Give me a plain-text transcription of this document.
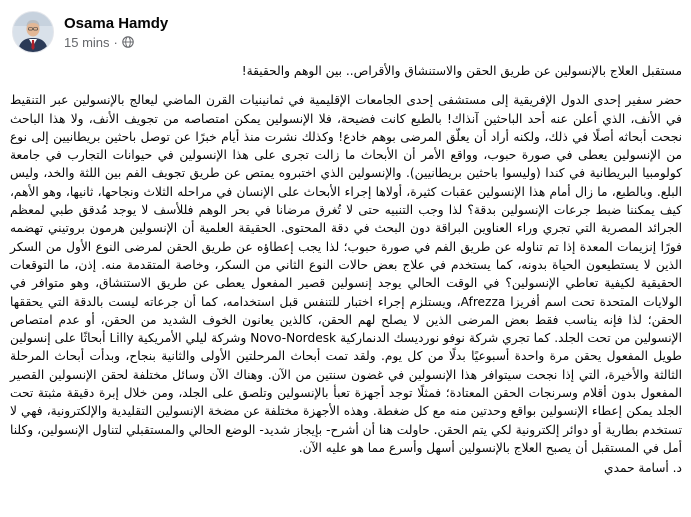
Osama Hamdy
15 mins ·

مستقبل العلاج بالإنسولين عن طريق الحقن والاستنشاق والأقراص.. بين الوهم والحقيقة!

حضر سفير إحدى الدول الإفريقية إلى مستشفى إحدى الجامعات الإقليمية في ثمانينيات القرن الماضي ليعالج بالإنسولين عبر التنقيط في الأنف، الذي أعلن عنه أحد الباحثين آنذاك! بالطبع كانت فضيحة، فلا الإنسولين يمكن امتصاصه من تجويف الأنف، ولا هذا الباحث نجحت أبحاثه أصلًا في ذلك، ولكنه أراد أن يعلّق المرضى بوهم خادع! وكذلك نشرت منذ أيام خبرًا عن توصل باحثين بريطانيين إلى نوع من الإنسولين يعطى في صورة حبوب، وواقع الأمر أن الأبحاث ما زالت تجرى على هذا الإنسولين في حيوانات التجارب في جامعة كولومبيا البريطانية في كندا (وليسوا باحثين بريطانيين). والإنسولين الذي اختبروه يمتص عن طريق تجويف الفم بين اللثة والخد، وليس البلع. وبالطبع، ما زال أمام هذا الإنسولين عقبات كثيرة، أولاها إجراء الأبحاث على الإنسان في مراحله الثلاث ونجاحها، ثانيها، وهو الأهم، كيف يمكننا ضبط جرعات الإنسولين بدقة؟ لذا وجب التنبيه حتى لا تُغرق مرضانا في بحر الوهم فللأسف لا يوجد مُدقق طبي لمعظم الجرائد المصرية التي تجري وراء العناوين البراقة دون البحث في دقة المحتوى. الحقيقة العلمية أن الإنسولين هرمون بروتيني تهضمه فورًا إنزيمات المعدة إذا تم تناوله عن طريق الفم في صورة حبوب؛ لذا يجب إعطاؤه عن طريق الحقن لمرضى النوع الأول من السكر الذين لا يستطيعون الحياة بدونه، كما يستخدم في علاج بعض حالات النوع الثاني من السكر، وخاصة المتقدمة منه. إذن، ما التوقعات الحقيقية لكيفية تعاطي الإنسولين؟ في الوقت الحالي يوجد إنسولين قصير المفعول يعطى عن طريق الاستنشاق، وهو متوافر في الولايات المتحدة تحت اسم أفريزا Afrezza، ويستلزم إجراء اختبار للتنفس قبل استخدامه، كما أن جرعاته ليست بالدقة التي يحققها الحقن؛ لذا فإنه يناسب فقط بعض المرضى الذين لا يصلح لهم الحقن، كالذين يعانون الخوف الشديد من الحقن، أو عدم امتصاص الإنسولين من تحت الجلد. كما تجري شركة نوفو نورديسك الدنماركية Novo-Nordesk وشركة ليلي الأمريكية Lilly أبحاثًا على إنسولين طويل المفعول يحقن مرة واحدة أسبوعيًا بدلًا من كل يوم. ولقد تمت أبحاث المرحلتين الأولى والثانية بنجاح، وبدأت أبحاث المرحلة الثالثة والأخيرة، التي إذا نجحت سيتوافر هذا الإنسولين في غضون سنتين من الآن. وهناك الآن وسائل مختلفة لحقن الإنسولين القصير المفعول بدون أقلام وسرنجات الحقن المعتادة؛ فمثلًا توجد أجهزة تعبأ بالإنسولين وتلصق على الجلد، ومن خلال إبرة دقيقة مثبتة تحت الجلد يمكن إعطاء الإنسولين بواقع وحدتين منه مع كل ضغطة. وهذه الأجهزة مختلفة عن مضخة الإنسولين التقليدية والإلكترونية، فهي لا تستخدم بطارية أو دوائر إلكترونية لكي يتم الحقن. حاولت هنا أن أشرح- بإيجاز شديد- الوضع الحالي والمستقبلي لتناول الإنسولين، وكلنا أمل في المستقبل أن يصبح العلاج بالإنسولين أسهل وأسرع مما هو عليه الآن.

د. أسامة حمدي
